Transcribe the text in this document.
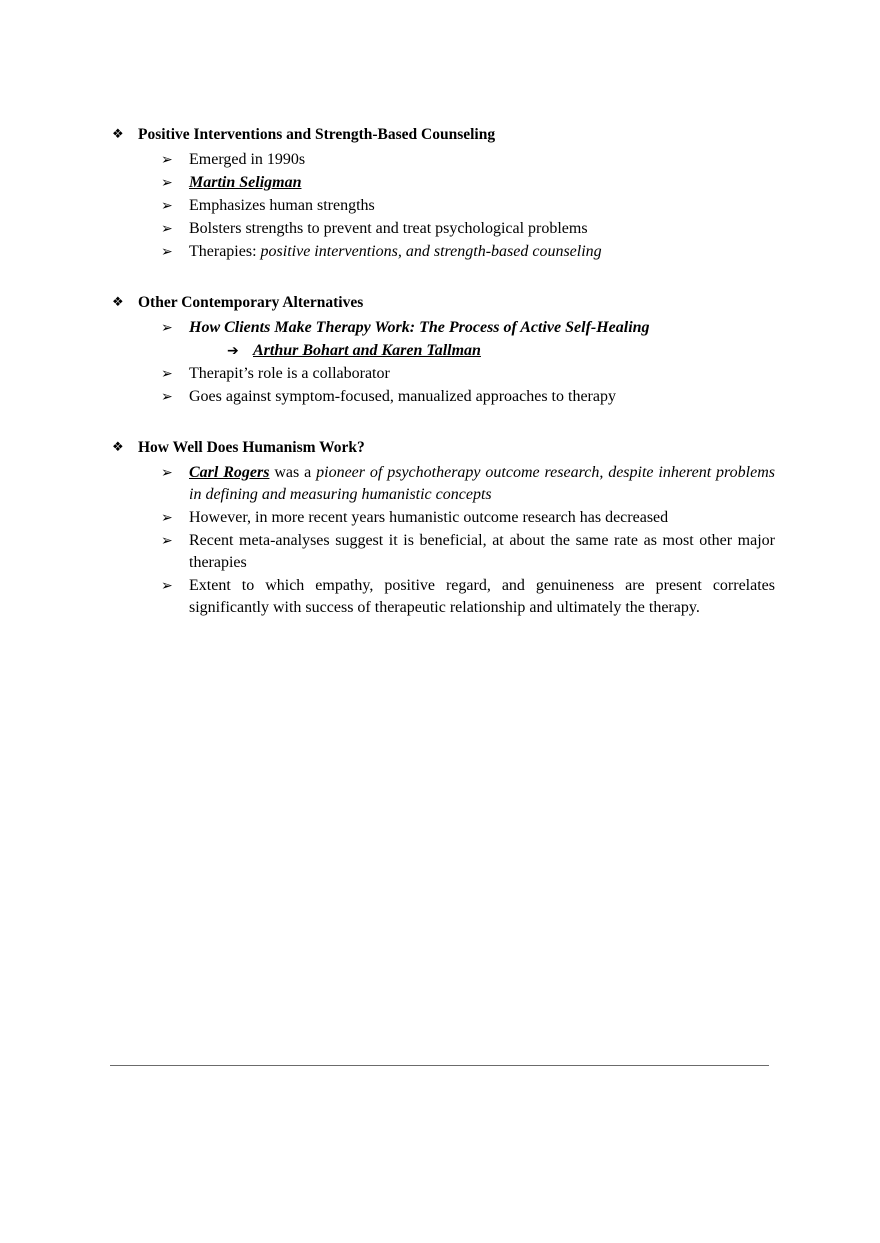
❖ Positive Interventions and Strength-Based Counseling
➢	Emerged in 1990s
➢	Martin Seligman
➢	Emphasizes human strengths
➢	Bolsters strengths to prevent and treat psychological problems
➢	Therapies: positive interventions, and strength-based counseling
❖ Other Contemporary Alternatives
➢	How Clients Make Therapy Work: The Process of Active Self-Healing
➔ Arthur Bohart and Karen Tallman
➢	Therapit’s role is a collaborator
➢	Goes against symptom-focused, manualized approaches to therapy
❖ How Well Does Humanism Work?
➢	Carl Rogers was a pioneer of psychotherapy outcome research, despite inherent problems in defining and measuring humanistic concepts
➢	However, in more recent years humanistic outcome research has decreased
➢	Recent meta-analyses suggest it is beneficial, at about the same rate as most other major therapies
➢	Extent to which empathy, positive regard, and genuineness are present correlates significantly with success of therapeutic relationship and ultimately the therapy.
